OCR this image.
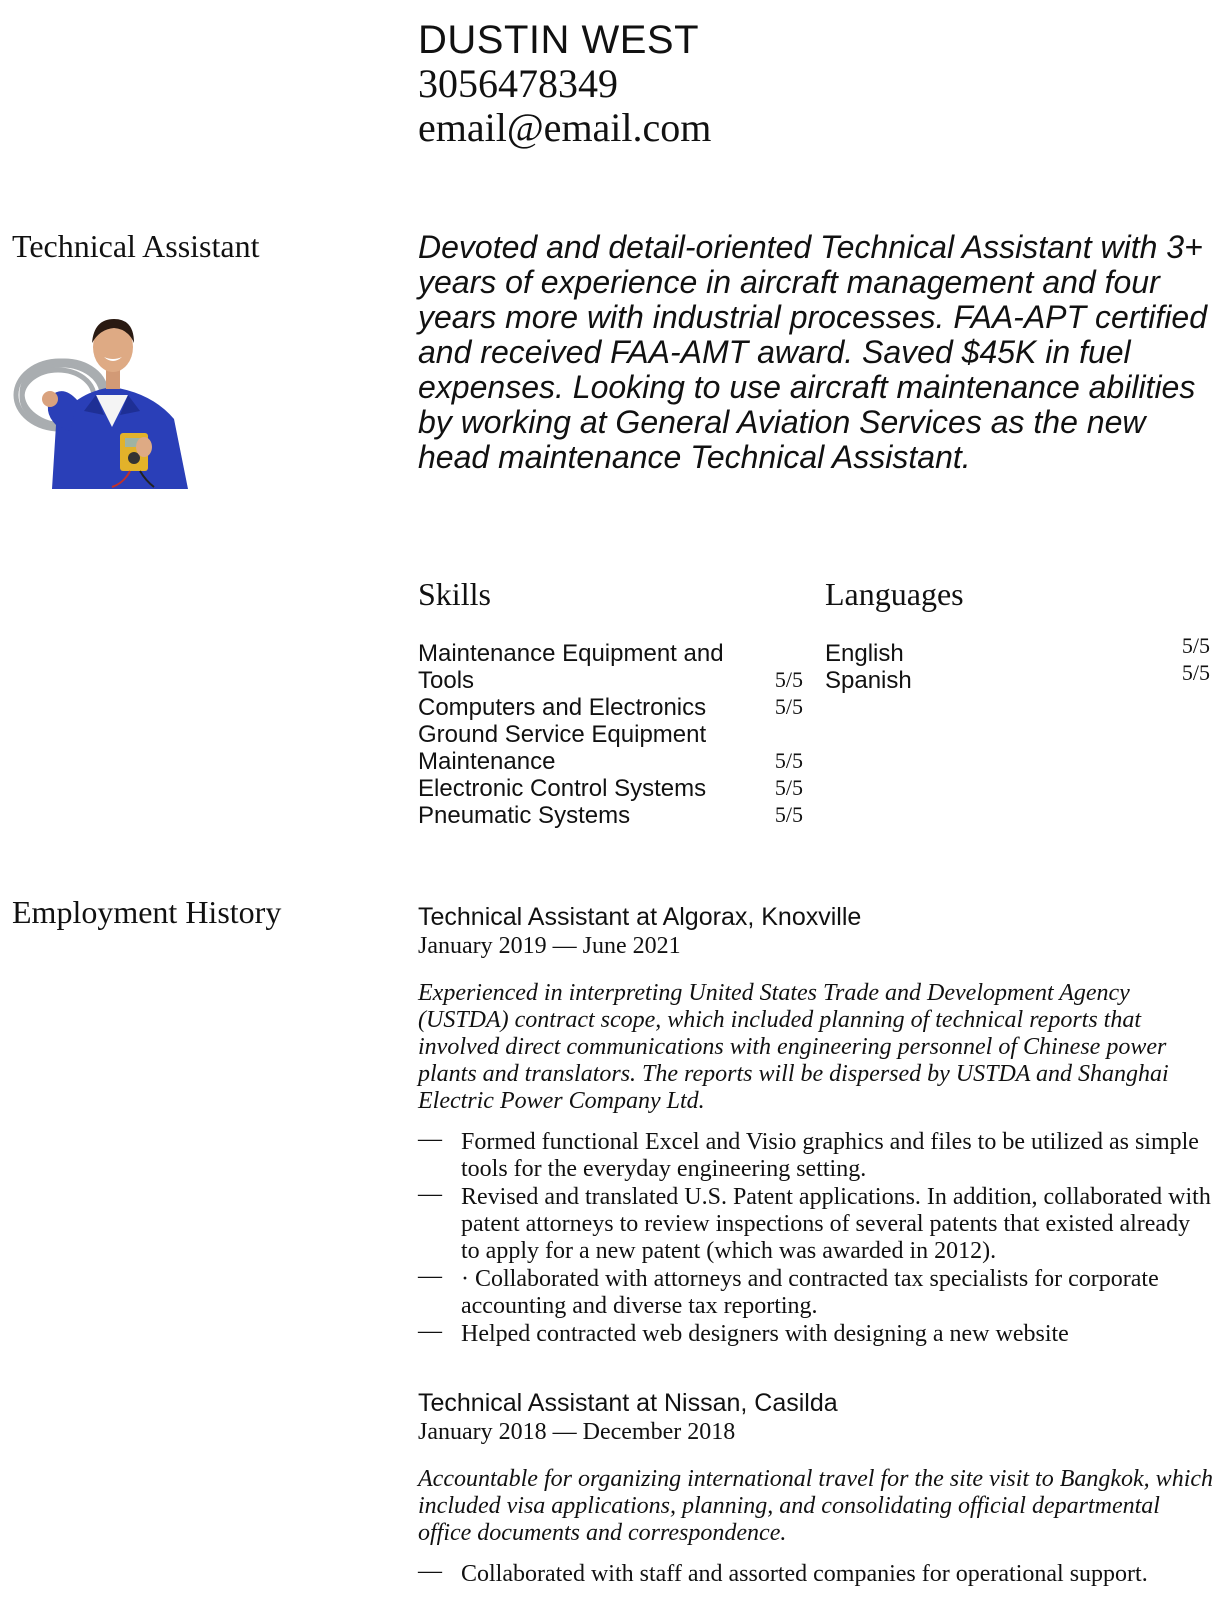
DUSTIN WEST
3056478349
email@email.com
Technical Assistant	Devoted and detail-oriented Technical Assistant with 3+ years of experience in aircraft management and four years more with industrial processes. FAA-APT certified and received FAA-AMT award. Saved $45K in fuel expenses. Looking to use aircraft maintenance abilities by working at General Aviation Services as the new head maintenance Technical Assistant.
Skills
Maintenance Equipment and Tools	5/5
Computers and Electronics	5/5
Ground Service Equipment Maintenance	5/5
Electronic Control Systems	5/5
Pneumatic Systems	5/5
Languages
English	5/5
Spanish	5/5
Employment History	Technical Assistant at Algorax, Knoxville
January 2019 — June 2021
Experienced in interpreting United States Trade and Development Agency (USTDA) contract scope, which included planning of technical reports that involved direct communications with engineering personnel of Chinese power plants and translators. The reports will be dispersed by USTDA and Shanghai Electric Power Company Ltd.
— Formed functional Excel and Visio graphics and files to be utilized as simple tools for the everyday engineering setting.
— Revised and translated U.S. Patent applications. In addition, collaborated with patent attorneys to review inspections of several patents that existed already to apply for a new patent (which was awarded in 2012).
— · Collaborated with attorneys and contracted tax specialists for corporate accounting and diverse tax reporting.
— Helped contracted web designers with designing a new website
Technical Assistant at Nissan, Casilda
January 2018 — December 2018
Accountable for organizing international travel for the site visit to Bangkok, which included visa applications, planning, and consolidating official departmental office documents and correspondence.
— Collaborated with staff and assorted companies for operational support.
